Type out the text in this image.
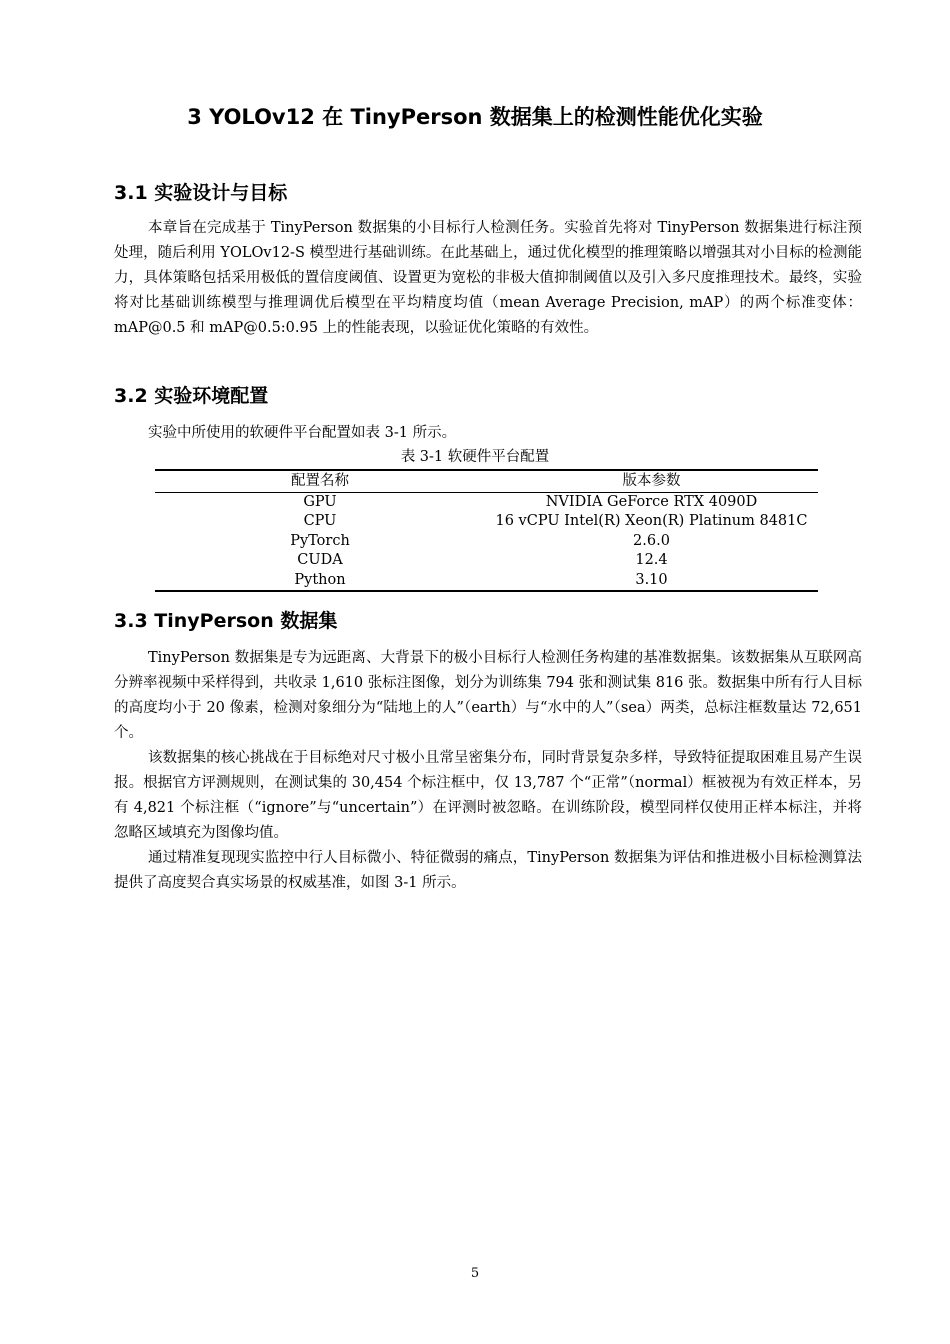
3 YOLOv12 在 TinyPerson 数据集上的检测性能优化实验
3.1 实验设计与目标

本章旨在完成基于 TinyPerson 数据集的小目标行人检测任务。实验首先将对 TinyPerson 数据集进行标注预处理，随后利用 YOLOv12-S 模型进行基础训练。在此基础上，通过优化模型的推理策略以增强其对小目标的检测能力，具体策略包括采用极低的置信度阈值、设置更为宽松的非极大值抑制阈值以及引入多尺度推理技术。最终，实验将对比基础训练模型与推理调优后模型在平均精度均值（mean Average Precision, mAP）的两个标准变体：mAP@0.5 和 mAP@0.5:0.95 上的性能表现，以验证优化策略的有效性。

3.2 实验环境配置

实验中所使用的软硬件平台配置如表 3-1 所示。

表 3-1 软硬件平台配置
配置名称	版本参数
GPU	NVIDIA GeForce RTX 4090D
CPU	16 vCPU Intel(R) Xeon(R) Platinum 8481C
PyTorch	2.6.0
CUDA	12.4
Python	3.10
3.3 TinyPerson 数据集

TinyPerson 数据集是专为远距离、大背景下的极小目标行人检测任务构建的基准数据集。该数据集从互联网高分辨率视频中采样得到，共收录 1,610 张标注图像，划分为训练集 794 张和测试集 816 张。数据集中所有行人目标的高度均小于 20 像素，检测对象细分为“陆地上的人”（earth）与“水中的人”（sea）两类，总标注框数量达 72,651 个。

该数据集的核心挑战在于目标绝对尺寸极小且常呈密集分布，同时背景复杂多样，导致特征提取困难且易产生误报。根据官方评测规则，在测试集的 30,454 个标注框中，仅 13,787 个“正常”（normal）框被视为有效正样本，另有 4,821 个标注框（“ignore”与“uncertain”）在评测时被忽略。在训练阶段，模型同样仅使用正样本标注，并将忽略区域填充为图像均值。

通过精准复现现实监控中行人目标微小、特征微弱的痛点，TinyPerson 数据集为评估和推进极小目标检测算法提供了高度契合真实场景的权威基准，如图 3-1 所示。

5
